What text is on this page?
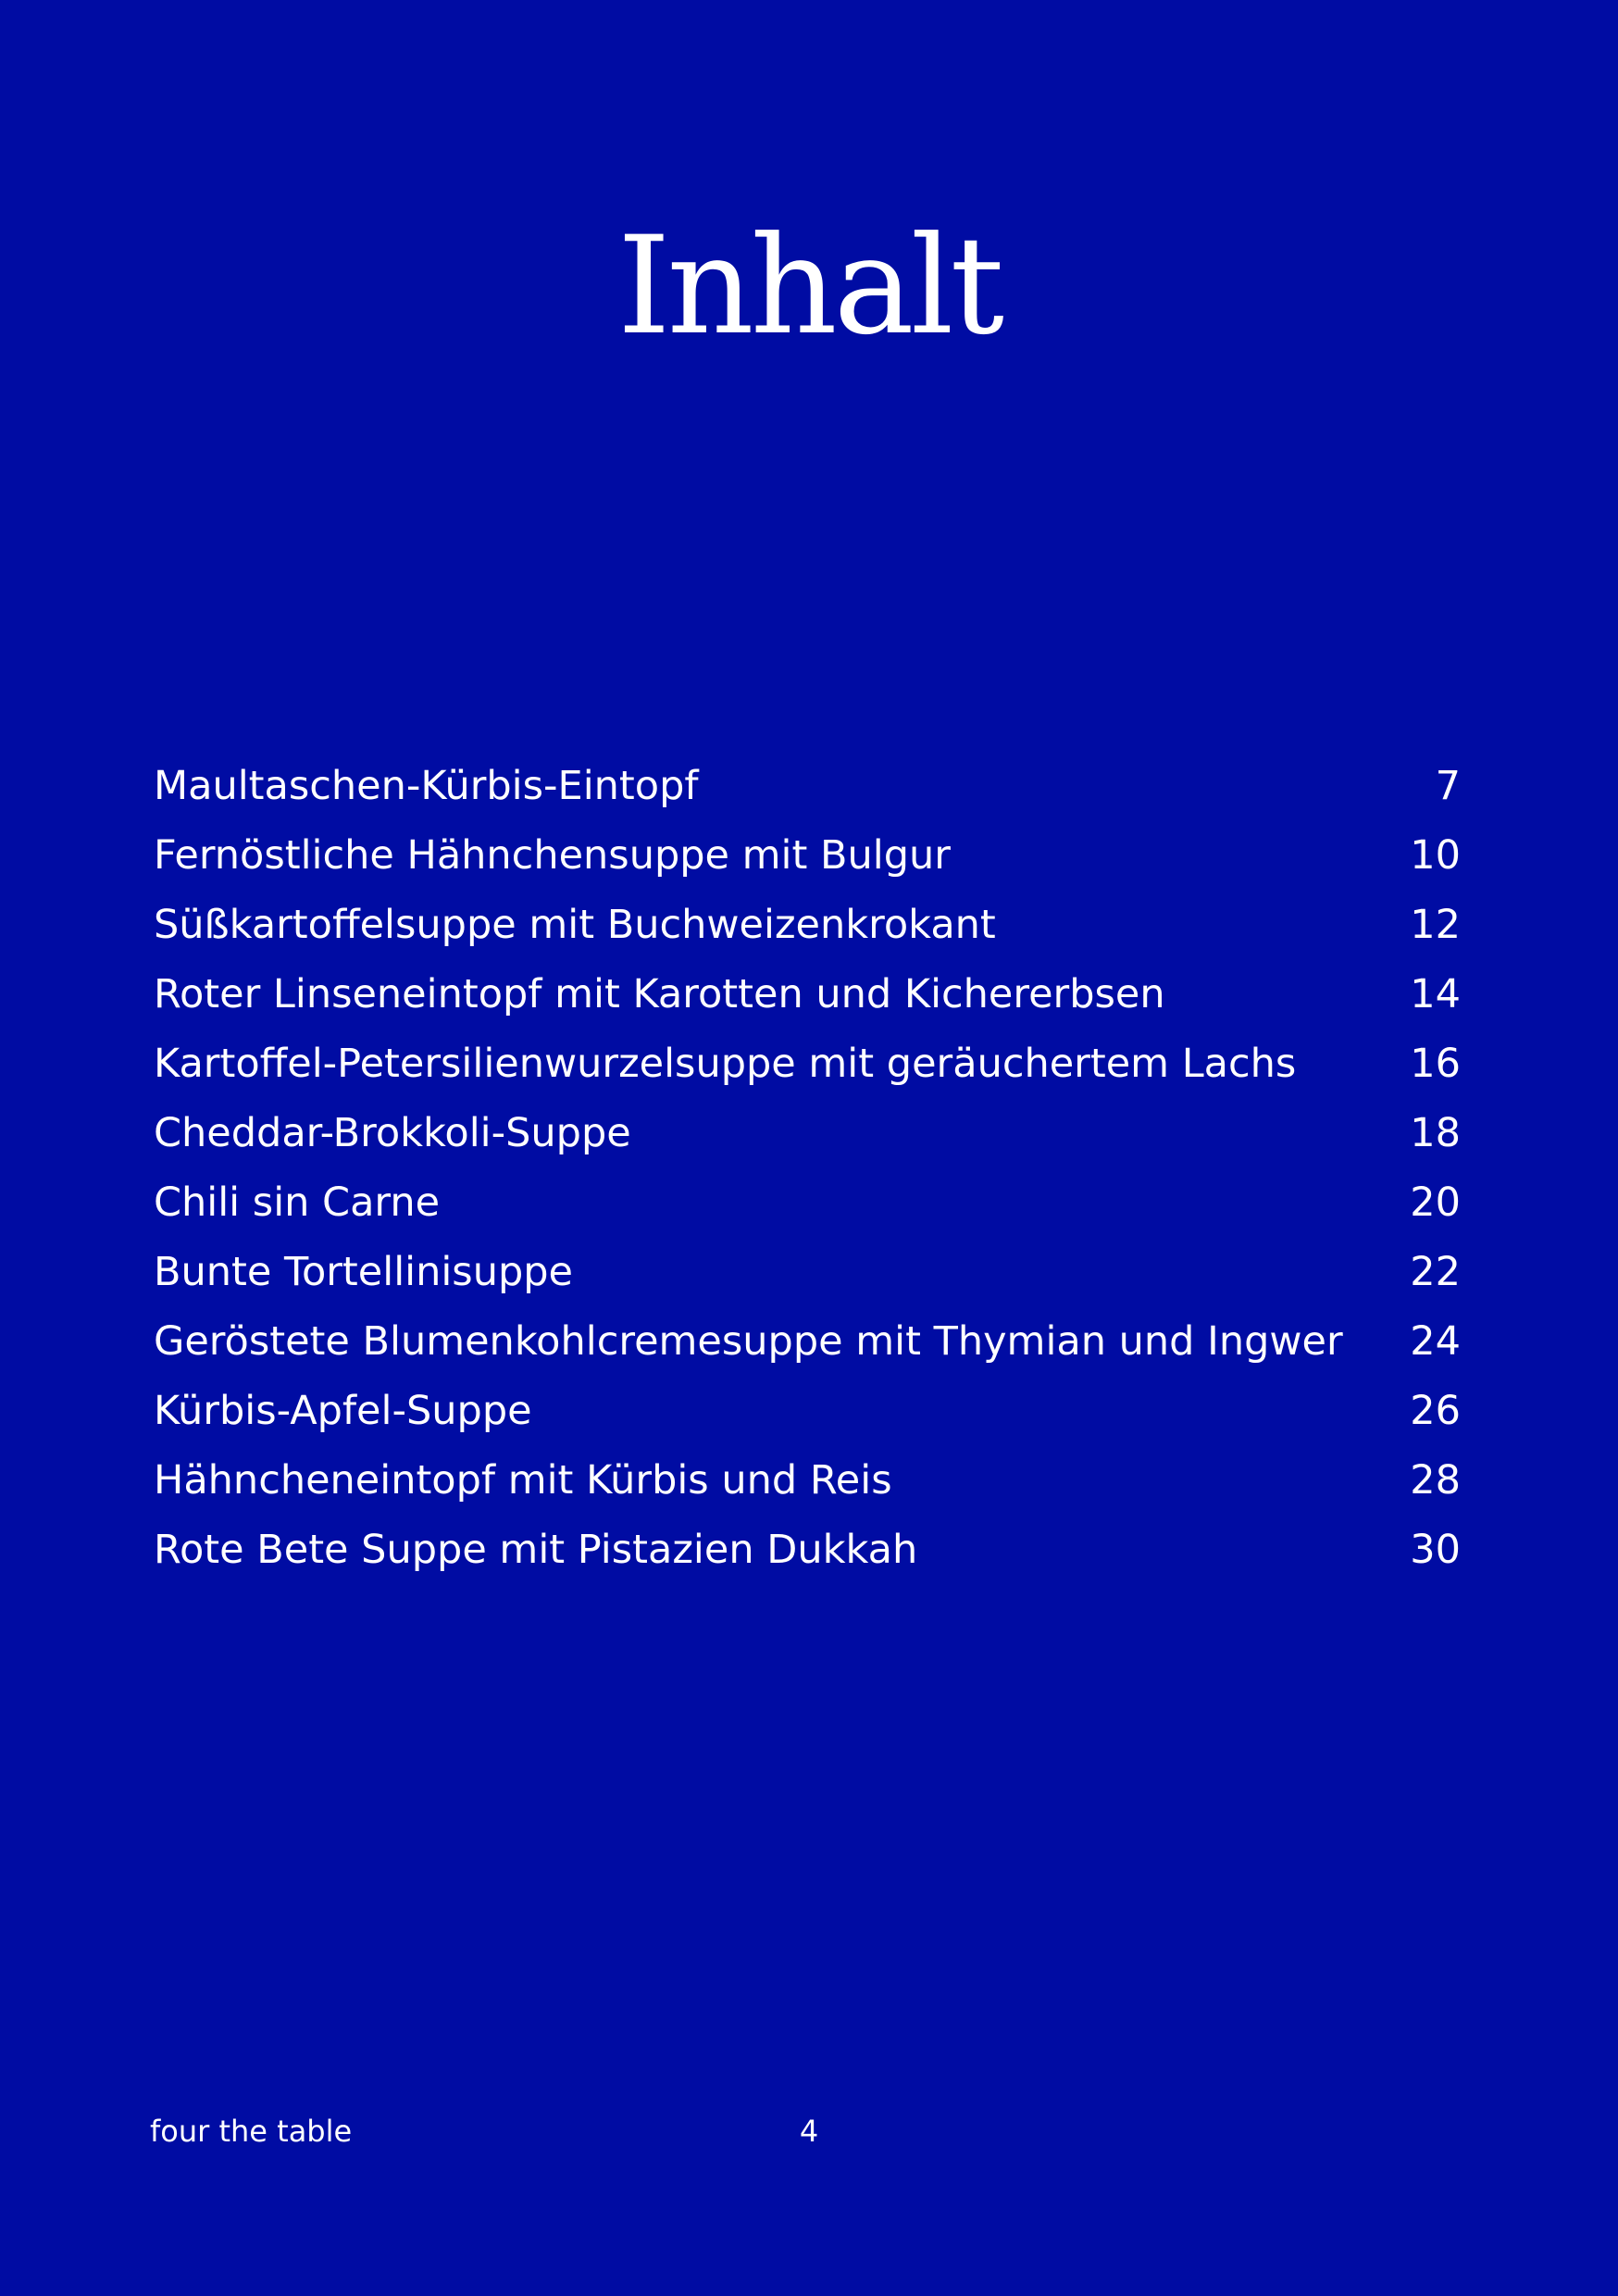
Inhalt
Maultaschen-Kürbis-Eintopf	7
Fernöstliche Hähnchensuppe mit Bulgur	10
Süßkartoffelsuppe mit Buchweizenkrokant	12
Roter Linseneintopf mit Karotten und Kichererbsen	14
Kartoffel-Petersilienwurzelsuppe mit geräuchertem Lachs	16
Cheddar-Brokkoli-Suppe	18
Chili sin Carne	20
Bunte Tortellinisuppe	22
Geröstete Blumenkohlcremesuppe mit Thymian und Ingwer	24
Kürbis-Apfel-Suppe	26
Hähncheneintopf mit Kürbis und Reis	28
Rote Bete Suppe mit Pistazien Dukkah	30
four the table	4
